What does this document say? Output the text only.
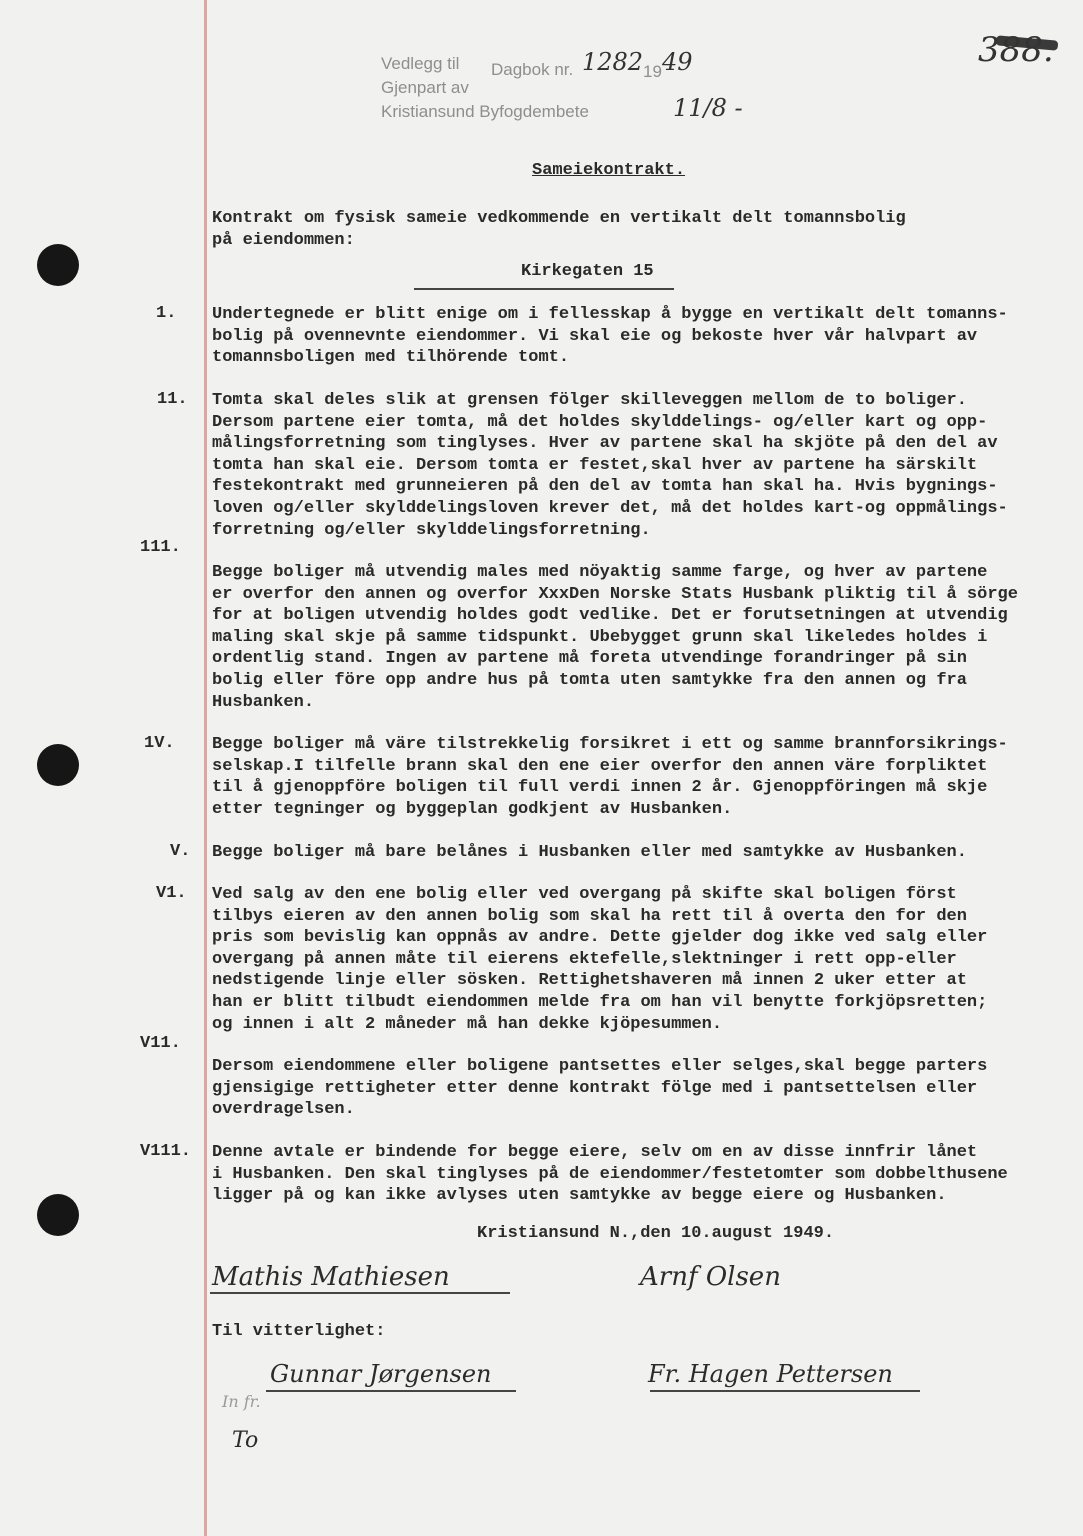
Vedlegg til Dagbok nr. 1282 19 49
Gjenpart av
Kristiansund Byfogdembete	11/8 -
388.
Sameiekontrakt.
Kontrakt om fysisk sameie vedkommende en vertikalt delt tomannsbolig
på eiendommen:
Kirkegaten 15
1. Undertegnede er blitt enige om i fellesskap å bygge en vertikalt delt tomanns-
bolig på ovennevnte eiendommer. Vi skal eie og bekoste hver vår halvpart av
tomannsboligen med tilhörende tomt.
11. Tomta skal deles slik at grensen fölger skilleveggen mellom de to boliger.
Dersom partene eier tomta, må det holdes skylddelings- og/eller kart og opp-
målingsforretning som tinglyses. Hver av partene skal ha skjöte på den del av
tomta han skal eie. Dersom tomta er festet,skal hver av partene ha särskilt
festekontrakt med grunneieren på den del av tomta han skal ha. Hvis bygnings-
loven og/eller skylddelingsloven krever det, må det holdes kart-og oppmålings-
forretning og/eller skylddelingsforretning.
111.
Begge boliger må utvendig males med nöyaktig samme farge, og hver av partene
er overfor den annen og overfor XxxDen Norske Stats Husbank pliktig til å sörge
for at boligen utvendig holdes godt vedlike. Det er forutsetningen at utvendig
maling skal skje på samme tidspunkt. Ubebygget grunn skal likeledes holdes i
ordentlig stand. Ingen av partene må foreta utvendinge forandringer på sin
bolig eller före opp andre hus på tomta uten samtykke fra den annen og fra
Husbanken.
1V. Begge boliger må väre tilstrekkelig forsikret i ett og samme brannforsikrings-
selskap.I tilfelle brann skal den ene eier overfor den annen väre forpliktet
til å gjenoppföre boligen til full verdi innen 2 år. Gjenoppföringen må skje
etter tegninger og byggeplan godkjent av Husbanken.
V. Begge boliger må bare belånes i Husbanken eller med samtykke av Husbanken.
V1. Ved salg av den ene bolig eller ved overgang på skifte skal boligen först
tilbys eieren av den annen bolig som skal ha rett til å overta den for den
pris som bevislig kan oppnås av andre. Dette gjelder dog ikke ved salg eller
overgang på annen måte til eierens ektefelle,slektninger i rett opp-eller
nedstigende linje eller sösken. Rettighetshaveren må innen 2 uker etter at
han er blitt tilbudt eiendommen melde fra om han vil benytte forkjöpsretten;
og innen i alt 2 måneder må han dekke kjöpesummen.
V11.
Dersom eiendommene eller boligene pantsettes eller selges,skal begge parters
gjensigige rettigheter etter denne kontrakt fölge med i pantsettelsen eller
overdragelsen.
V111. Denne avtale er bindende for begge eiere, selv om en av disse innfrir lånet
i Husbanken. Den skal tinglyses på de eiendommer/festetomter som dobbelthusene
ligger på og kan ikke avlyses uten samtykke av begge eiere og Husbanken.
Kristiansund N.,den 10.august 1949.
Mathis Mathiesen	Arnf Olsen
Til vitterlighet:
Gunnar Jørgensen	Fr. Hagen Pettersen
In fr.
To
